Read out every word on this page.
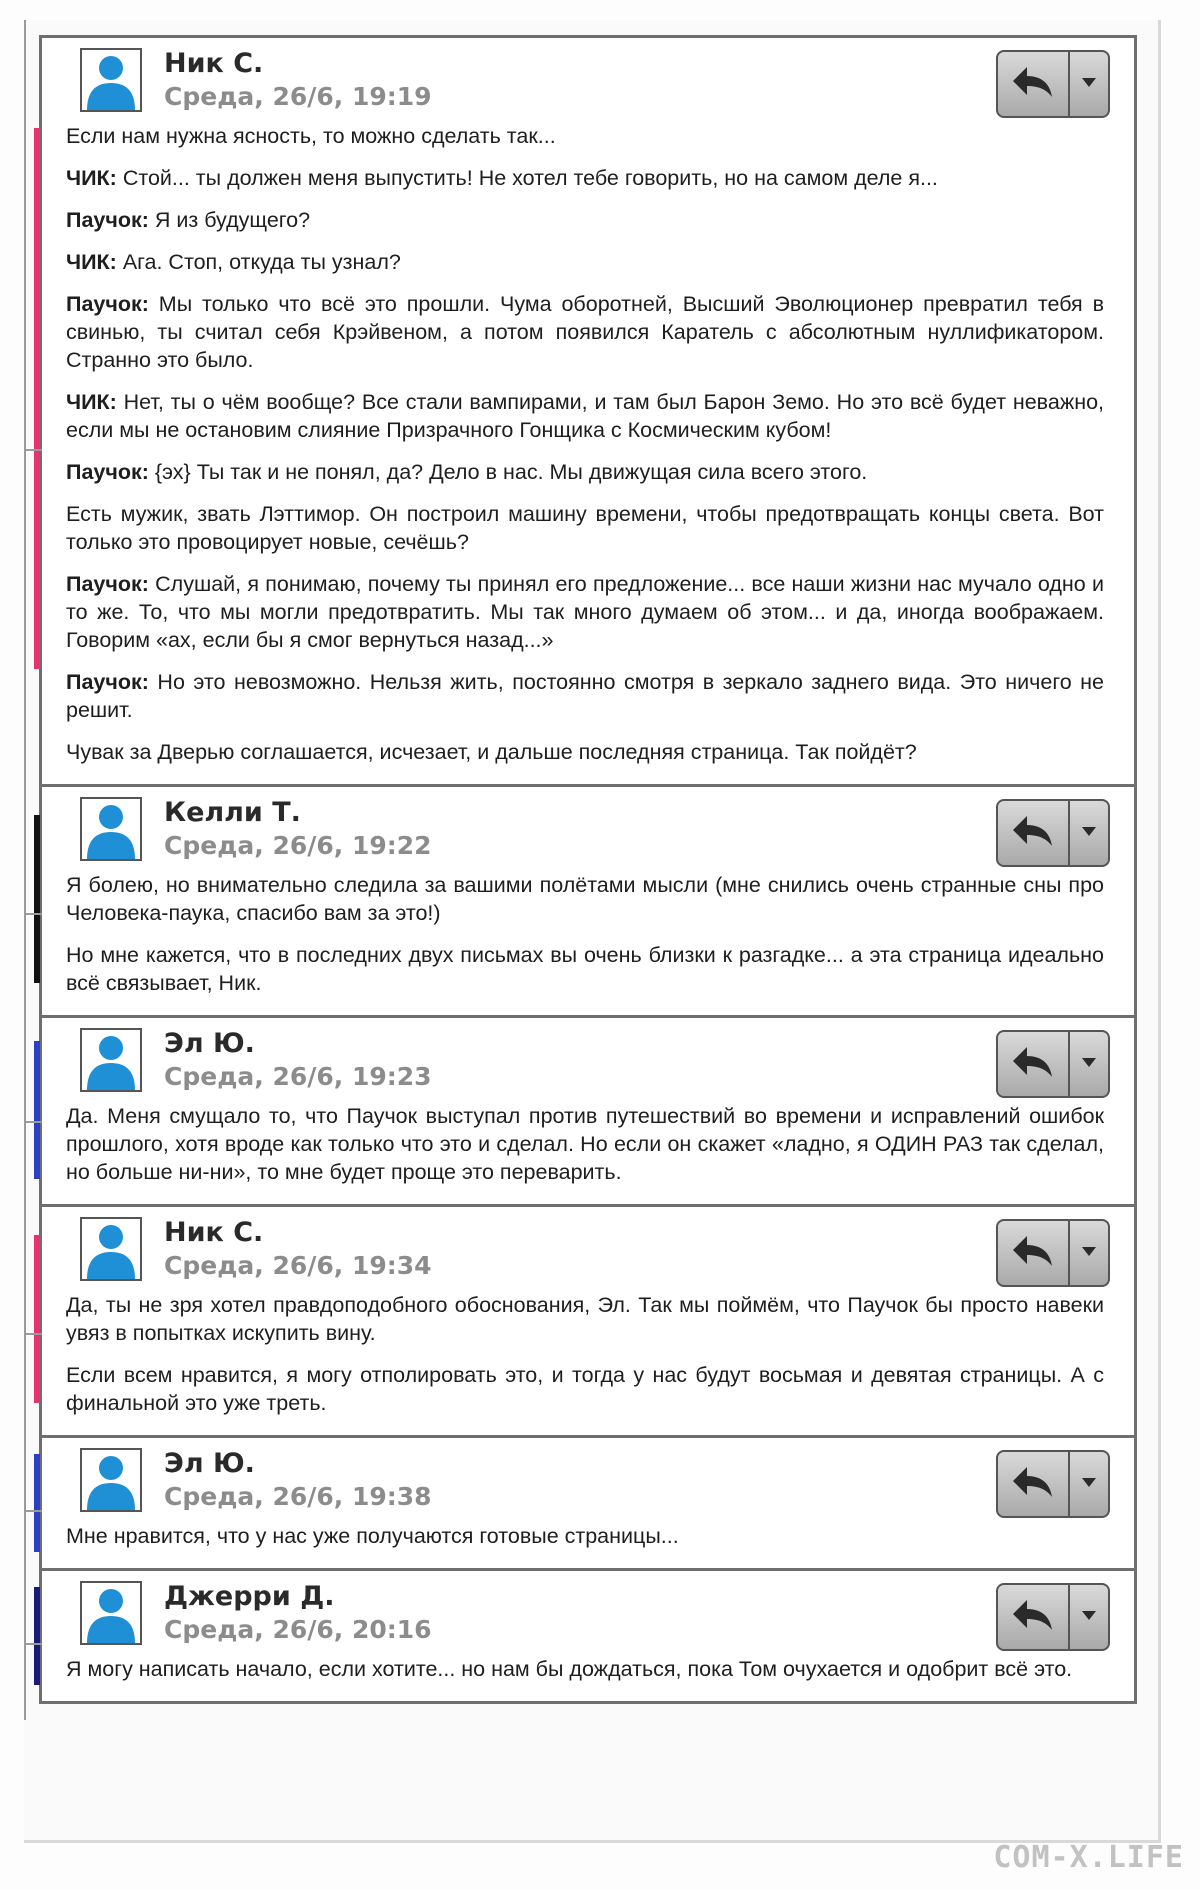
Ник С.
Среда, 26/6, 19:19

Если нам нужна ясность, то можно сделать так...

ЧИК: Стой... ты должен меня выпустить! Не хотел тебе говорить, но на самом деле я...

Паучок: Я из будущего?

ЧИК: Ага. Стоп, откуда ты узнал?

Паучок: Мы только что всё это прошли. Чума оборотней, Высший Эволюционер превратил тебя в свинью, ты считал себя Крэйвеном, а потом появился Каратель с абсолютным нуллификатором. Странно это было.

ЧИК: Нет, ты о чём вообще? Все стали вампирами, и там был Барон Земо. Но это всё будет неважно, если мы не остановим слияние Призрачного Гонщика с Космическим кубом!

Паучок: {эх} Ты так и не понял, да? Дело в нас. Мы движущая сила всего этого.

Есть мужик, звать Лэттимор. Он построил машину времени, чтобы предотвращать концы света. Вот только это провоцирует новые, сечёшь?

Паучок: Слушай, я понимаю, почему ты принял его предложение... все наши жизни нас мучало одно и то же. То, что мы могли предотвратить. Мы так много думаем об этом... и да, иногда воображаем. Говорим «ах, если бы я смог вернуться назад...»

Паучок: Но это невозможно. Нельзя жить, постоянно смотря в зеркало заднего вида. Это ничего не решит.

Чувак за Дверью соглашается, исчезает, и дальше последняя страница. Так пойдёт?

Келли Т.
Среда, 26/6, 19:22

Я болею, но внимательно следила за вашими полётами мысли (мне снились очень странные сны про Человека-паука, спасибо вам за это!)

Но мне кажется, что в последних двух письмах вы очень близки к разгадке... а эта страница идеально всё связывает, Ник.

Эл Ю.
Среда, 26/6, 19:23

Да. Меня смущало то, что Паучок выступал против путешествий во времени и исправлений ошибок прошлого, хотя вроде как только что это и сделал. Но если он скажет «ладно, я ОДИН РАЗ так сделал, но больше ни-ни», то мне будет проще это переварить.

Ник С.
Среда, 26/6, 19:34

Да, ты не зря хотел правдоподобного обоснования, Эл. Так мы поймём, что Паучок бы просто навеки увяз в попытках искупить вину.

Если всем нравится, я могу отполировать это, и тогда у нас будут восьмая и девятая страницы. А с финальной это уже треть.

Эл Ю.
Среда, 26/6, 19:38

Мне нравится, что у нас уже получаются готовые страницы...

Джерри Д.
Среда, 26/6, 20:16

Я могу написать начало, если хотите... но нам бы дождаться, пока Том очухается и одобрит всё это.

COM-X.LIFE
